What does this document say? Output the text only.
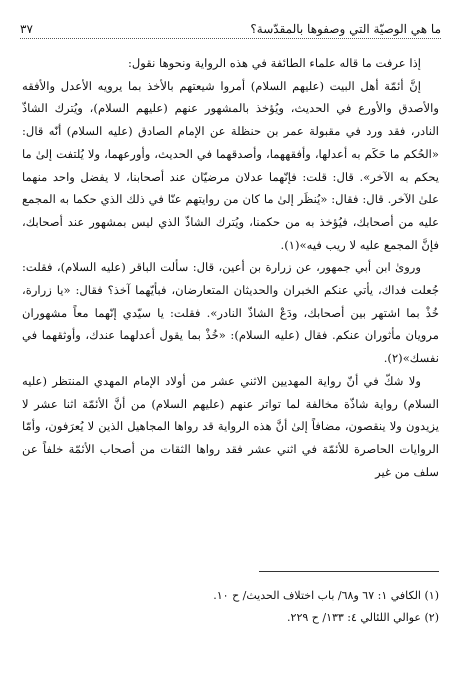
ما هي الوصيّة التي وصفوها بالمقدّسة؟
٣٧

إذا عرفت ما قاله علماء الطائفة في هذه الرواية ونحوها نقول:

إنَّ أئمّة أهل البيت (عليهم السلام) أمروا شيعتهم بالأخذ بما يرويه الأعدل والأفقه والأصدق والأورع في الحديث، ويُؤخذ بالمشهور عنهم (عليهم السلام)، ويُترك الشاذّ النادر، فقد ورد في مقبولة عمر بن حنظلة عن الإمام الصادق (عليه السلام) أنّه قال: «الحُكم ما حَكَم به أعدلها، وأفقههما، وأصدقهما في الحديث، وأورعهما، ولا يُلتفت إلىٰ ما يحكم به الآخر». قال: قلت: فإنّهما عدلان مرضيّان عند أصحابنا، لا يفضل واحد منهما علىٰ الآخر. قال: فقال: «يُنظَر إلىٰ ما كان من روايتهم عنّا في ذلك الذي حكما به المجمع عليه من أصحابك، فيُؤخذ به من حكمنا، ويُترك الشاذّ الذي ليس بمشهور عند أصحابك، فإنَّ المجمع عليه لا ريب فيه»(١).

وروىٰ ابن أبي جمهور، عن زرارة بن أعين، قال: سألت الباقر (عليه السلام)، فقلت: جُعلت فداك، يأتي عنكم الخبران والحديثان المتعارضان، فبأيّهما آخذ؟ فقال: «يا زرارة، خُذْ بما اشتهر بين أصحابك، ودَعْ الشاذّ النادر». فقلت: يا سيّدي إنّهما معاً مشهوران مرويان مأثوران عنكم. فقال (عليه السلام): «خُذْ بما يقول أعدلهما عندك، وأوثقهما في نفسك»(٢).

ولا شكّ في أنّ رواية المهديين الاثني عشر من أولاد الإمام المهدي المنتظر (عليه السلام) رواية شاذّة مخالفة لما تواتر عنهم (عليهم السلام) من أنَّ الأئمّة اثنا عشر لا يزيدون ولا ينقصون، مضافاً إلىٰ أنَّ هذه الرواية قد رواها المجاهيل الذين لا يُعرَفون، وأمّا الروايات الحاصرة للأئمّة في اثني عشر فقد رواها الثقات من أصحاب الأئمّة خلفاً عن سلف من غير

(١) الكافي ١: ٦٧ و٦٨/ باب اختلاف الحديث/ ح ١٠.

(٢) عوالي اللئالي ٤: ١٣٣/ ح ٢٢٩.
